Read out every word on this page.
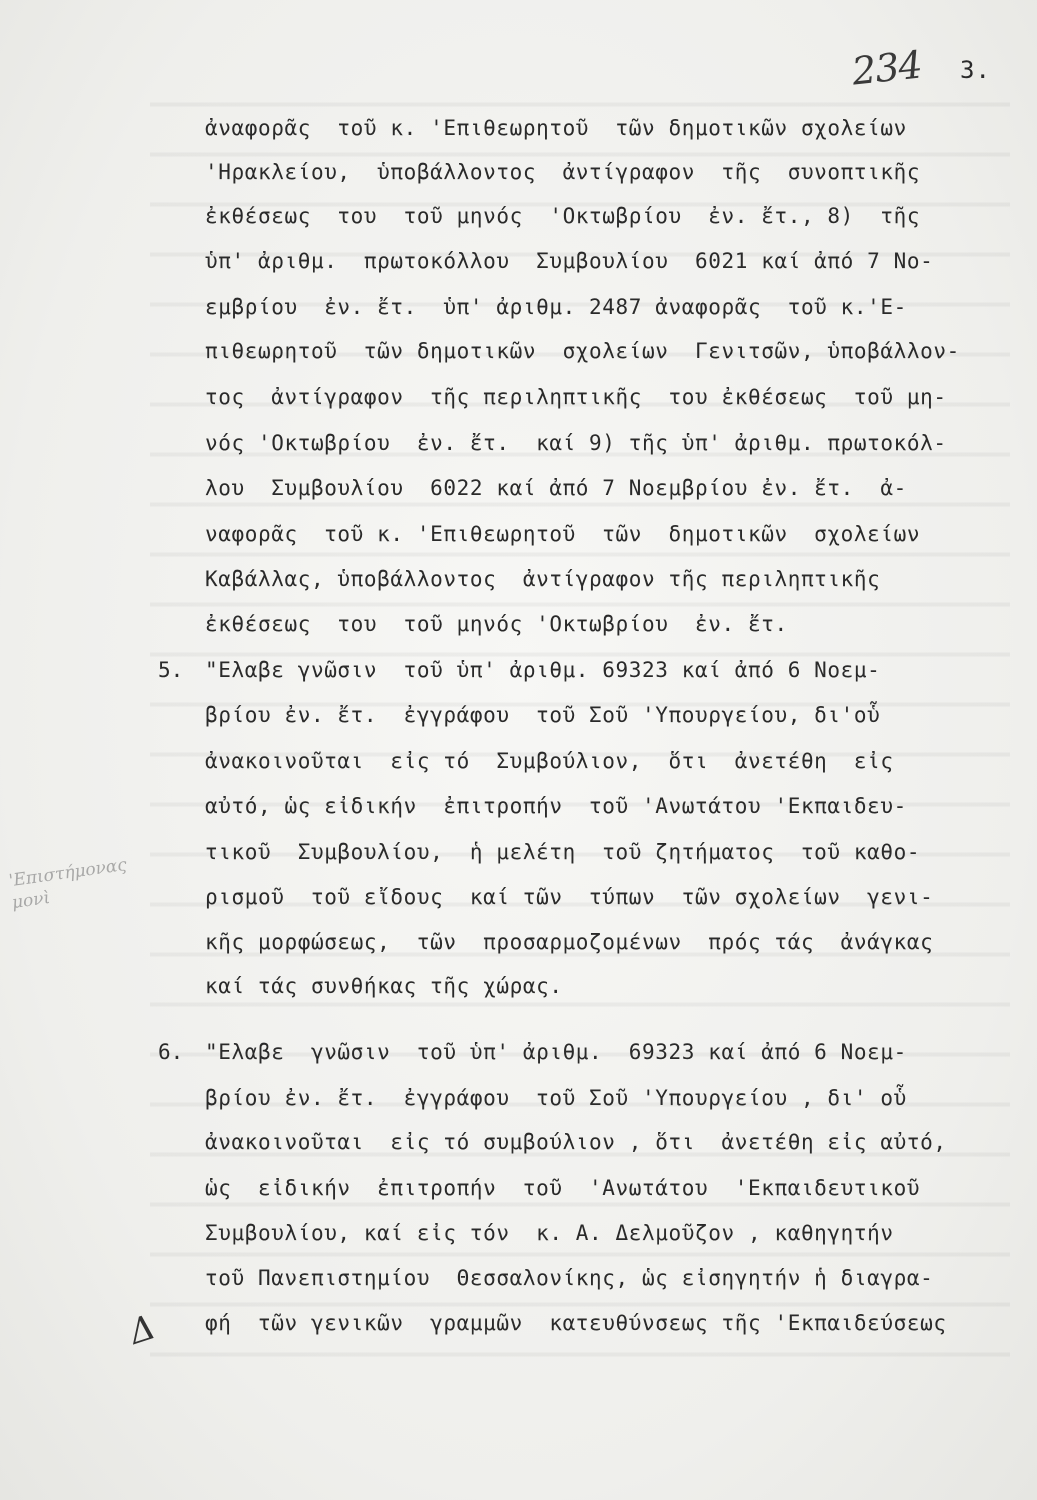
234 3.
ἀναφορᾶς  τοῦ κ. 'Επιθεωρητοῦ  τῶν δημοτικῶν σχολείων
'Ηρακλείου,  ὑποβάλλοντος  ἀντίγραφον  τῆς  συνοπτικῆς
ἐκθέσεως  του  τοῦ μηνός  'Οκτωβρίου  ἐν. ἔτ., 8)  τῆς
ὑπ' ἀριθμ.  πρωτοκόλλου  Συμβουλίου  6021 καί ἀπό 7 Νο-
εμβρίου  ἐν. ἔτ.  ὑπ' ἀριθμ. 2487 ἀναφορᾶς  τοῦ κ.'Ε-
πιθεωρητοῦ  τῶν δημοτικῶν  σχολείων  Γενιτσῶν, ὑποβάλλον-
τος  ἀντίγραφον  τῆς περιληπτικῆς  του ἐκθέσεως  τοῦ μη-
νός 'Οκτωβρίου  ἐν. ἔτ.  καί 9) τῆς ὑπ' ἀριθμ. πρωτοκόλ-
λου  Συμβουλίου  6022 καί ἀπό 7 Νοεμβρίου ἐν. ἔτ.  ἀ-
ναφορᾶς  τοῦ κ. 'Επιθεωρητοῦ  τῶν  δημοτικῶν  σχολείων
Καβάλλας, ὑποβάλλοντος  ἀντίγραφον τῆς περιληπτικῆς
ἐκθέσεως  του  τοῦ μηνός 'Οκτωβρίου  ἐν. ἔτ.
5. "Ελαβε γνῶσιν  τοῦ ὑπ' ἀριθμ. 69323 καί ἀπό 6 Νοεμ-
βρίου ἐν. ἔτ.  ἐγγράφου  τοῦ Σοῦ 'Υπουργείου, δι'οὗ
ἀνακοινοῦται  εἰς τό  Συμβούλιον,  ὅτι  ἀνετέθη  εἰς
αὐτό, ὡς εἰδικήν  ἐπιτροπήν  τοῦ 'Ανωτάτου 'Εκπαιδευ-
τικοῦ  Συμβουλίου,  ἡ μελέτη  τοῦ ζητήματος  τοῦ καθο-
ρισμοῦ  τοῦ εἴδους  καί τῶν  τύπων  τῶν σχολείων  γενι-
κῆς μορφώσεως,  τῶν  προσαρμοζομένων  πρός τάς  ἀνάγκας
καί τάς συνθήκας τῆς χώρας.
6. "Ελαβε  γνῶσιν  τοῦ ὑπ' ἀριθμ.  69323 καί ἀπό 6 Νοεμ-
βρίου ἐν. ἔτ.  ἐγγράφου  τοῦ Σοῦ 'Υπουργείου , δι' οὗ
ἀνακοινοῦται  εἰς τό συμβούλιον , ὅτι  ἀνετέθη εἰς αὐτό,
ὡς  εἰδικήν  ἐπιτροπήν  τοῦ  'Ανωτάτου  'Εκπαιδευτικοῦ
Συμβουλίου, καί εἰς τόν  κ. Α. Δελμοῦζον , καθηγητήν
τοῦ Πανεπιστημίου  Θεσσαλονίκης, ὡς εἰσηγητήν ἡ διαγρα-
φή  τῶν γενικῶν  γραμμῶν  κατευθύνσεως τῆς 'Εκπαιδεύσεως
'Επιστήμονας
μονὶ
Δ
